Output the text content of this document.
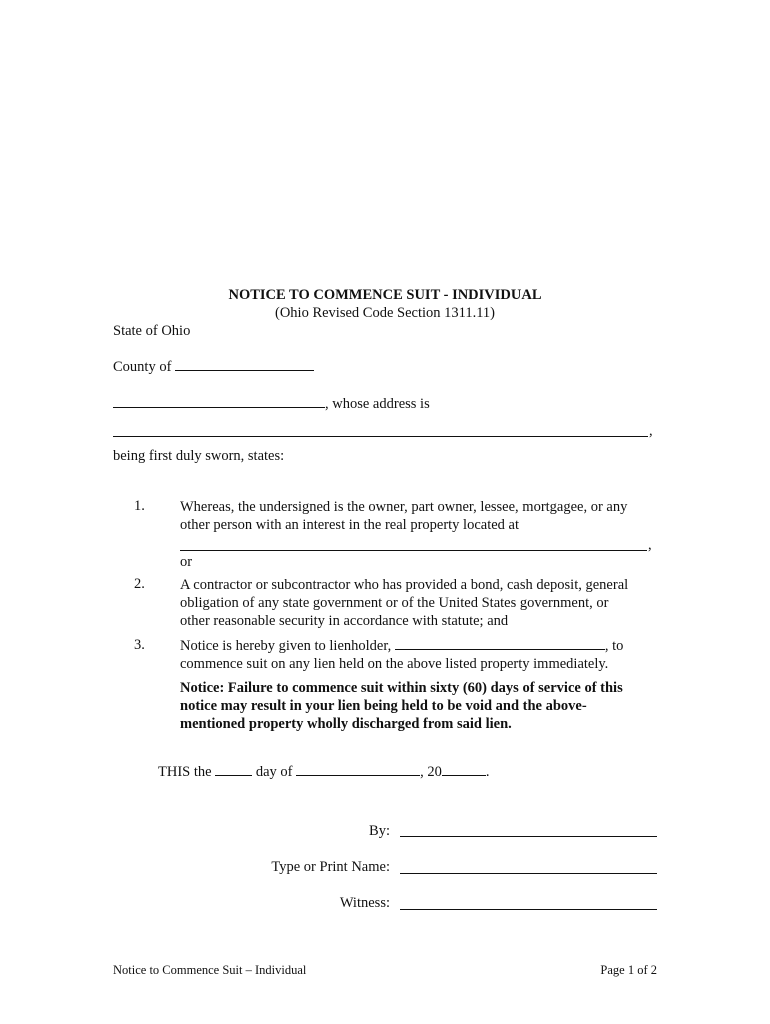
NOTICE TO COMMENCE SUIT - INDIVIDUAL
(Ohio Revised Code Section 1311.11)
State of Ohio
County of
, whose address is
,
being first duly sworn, states:
1.	Whereas, the undersigned is the owner, part owner, lessee, mortgagee, or any
other person with an interest in the real property located at
,
or
2.	A contractor or subcontractor who has provided a bond, cash deposit, general
obligation of any state government or of the United States government, or
other reasonable security in accordance with statute; and
3.	Notice is hereby given to lienholder,	, to
commence suit on any lien held on the above listed property immediately.
Notice: Failure to commence suit within sixty (60) days of service of this
notice may result in your lien being held to be void and the above-
mentioned property wholly discharged from said lien.
THIS the	day of	, 20	.
By:
Type or Print Name:
Witness:
Notice to Commence Suit – Individual	Page 1 of 2
